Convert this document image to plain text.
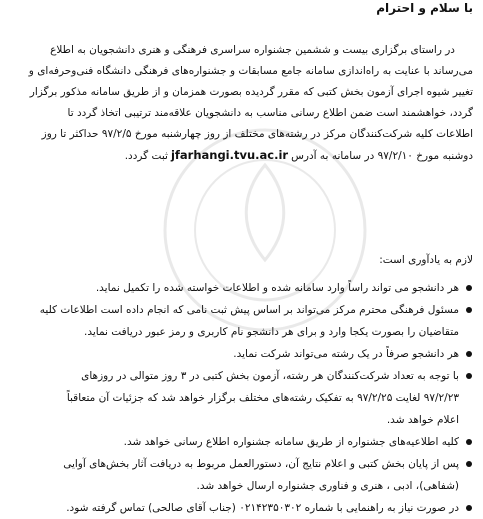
با سلام و احترام
در راستای برگزاری بیست و ششمین جشنواره سراسری فرهنگی و هنری دانشجویان به اطلاع
می‌رساند با عنایت به راه‌اندازی سامانه جامع مسابقات و جشنواره‌های فرهنگی دانشگاه فنی‌وحرفه‌ای و
تغییر شیوه اجرای آزمون بخش کتبی که مقرر گردیده بصورت همزمان و از طریق سامانه مذکور برگزار
گردد، خواهشمند است ضمن اطلاع رسانی مناسب به دانشجویان علاقه‌مند ترتیبی اتخاذ گردد تا
اطلاعات کلیه شرکت‌کنندگان مرکز در رشته‌های مختلف از روز چهارشنبه مورخ ۹۷/۲/۵ حداکثر تا روز
دوشنبه مورخ ۹۷/۲/۱۰ در سامانه به آدرسjfarhangi.tvu.ac.irثبت گردد.
لازم به یادآوری است:
هر دانشجو می تواند راساً وارد سامانه شده و اطلاعات خواسته شده را تکمیل نماید.
مسئول فرهنگی محترم مرکز می‌تواند بر اساس پیش ثبت نامی که انجام داده است اطلاعات کلیه
متقاضیان را بصورت یکجا وارد و برای هر دانشجو نام کاربری و رمز عبور دریافت نماید.
هر دانشجو صرفاً در یک رشته می‌تواند شرکت نماید.
با توجه به تعداد شرکت‌کنندگان هر رشته، آزمون بخش کتبی در ۳ روز متوالی در روزهای
۹۷/۲/۲۳ لغایت ۹۷/۲/۲۵ به تفکیک رشته‌های مختلف برگزار خواهد شد که جزئیات آن متعاقباً
اعلام خواهد شد.
کلیه اطلاعیه‌های جشنواره از طریق سامانه جشنواره اطلاع رسانی خواهد شد.
پس از پایان بخش کتبی و اعلام نتایج آن، دستورالعمل مربوط به دریافت آثار بخش‌های آوایی
(شفاهی)، ادبی ، هنری و فناوری جشنواره ارسال خواهد شد.
در صورت نیاز به راهنمایی با شماره ۰۲۱۴۲۳۵۰۳۰۲ (جناب آقای صالحی) تماس گرفته شود.
